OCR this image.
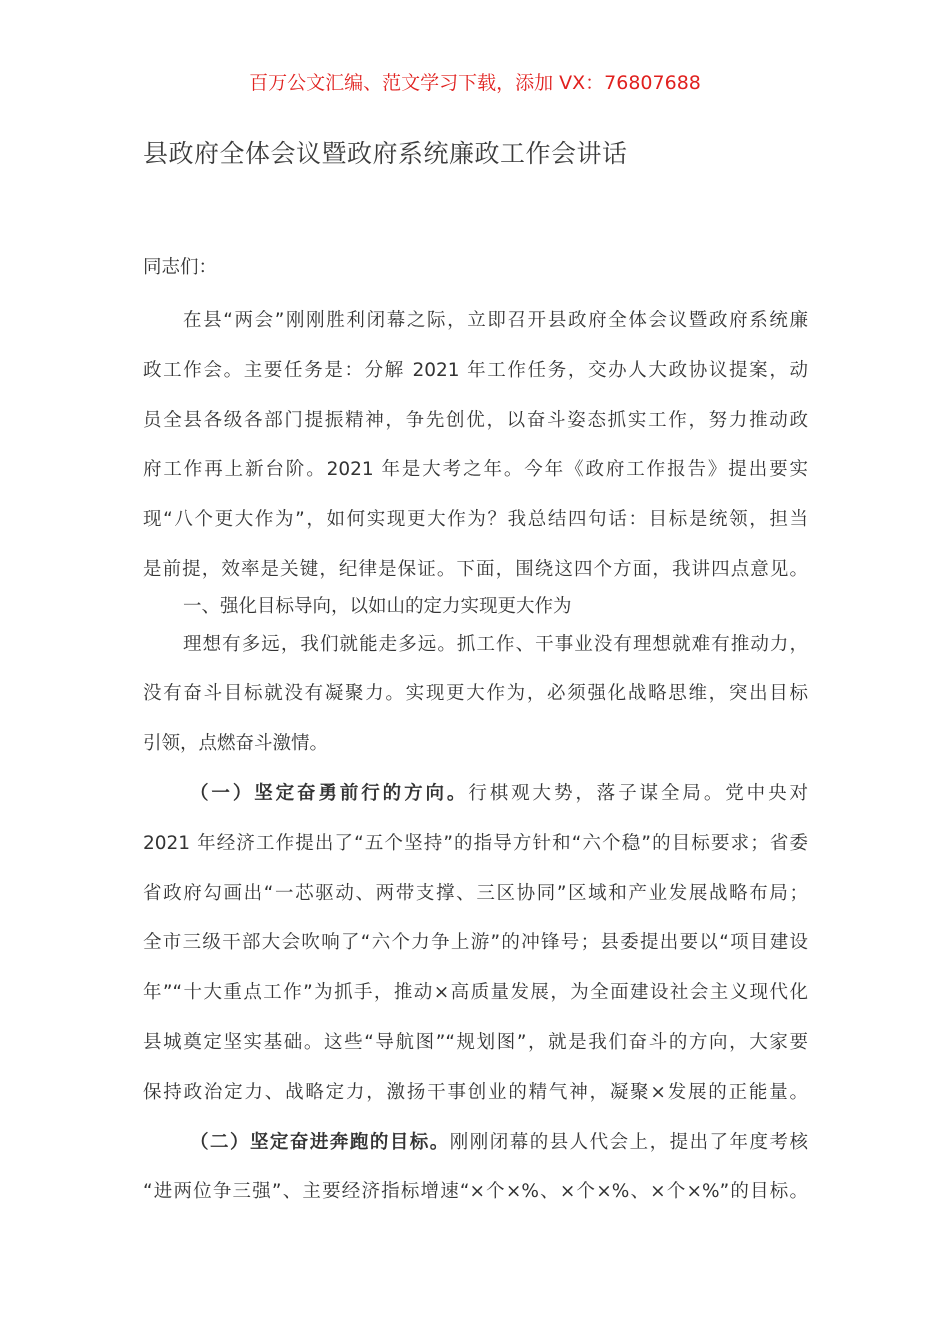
百万公文汇编、范文学习下载，添加 VX：76807688
县政府全体会议暨政府系统廉政工作会讲话
同志们：
在县“两会”刚刚胜利闭幕之际，立即召开县政府全体会议暨政府系统廉
政工作会。主要任务是：分解 2021 年工作任务，交办人大政协议提案，动
员全县各级各部门提振精神，争先创优，以奋斗姿态抓实工作，努力推动政
府工作再上新台阶。2021 年是大考之年。今年《政府工作报告》提出要实
现“八个更大作为”，如何实现更大作为？我总结四句话：目标是统领，担当
是前提，效率是关键，纪律是保证。下面，围绕这四个方面，我讲四点意见。
一、强化目标导向，以如山的定力实现更大作为
理想有多远，我们就能走多远。抓工作、干事业没有理想就难有推动力，
没有奋斗目标就没有凝聚力。实现更大作为，必须强化战略思维，突出目标
引领，点燃奋斗激情。
（一）坚定奋勇前行的方向。行棋观大势，落子谋全局。党中央对
2021 年经济工作提出了“五个坚持”的指导方针和“六个稳”的目标要求；省委
省政府勾画出“一芯驱动、两带支撑、三区协同”区域和产业发展战略布局；
全市三级干部大会吹响了“六个力争上游”的冲锋号；县委提出要以“项目建设
年”“十大重点工作”为抓手，推动×高质量发展，为全面建设社会主义现代化
县城奠定坚实基础。这些“导航图”“规划图”，就是我们奋斗的方向，大家要
保持政治定力、战略定力，激扬干事创业的精气神，凝聚×发展的正能量。
（二）坚定奋进奔跑的目标。刚刚闭幕的县人代会上，提出了年度考核
“进两位争三强”、主要经济指标增速“×个×%、×个×%、×个×%”的目标。
